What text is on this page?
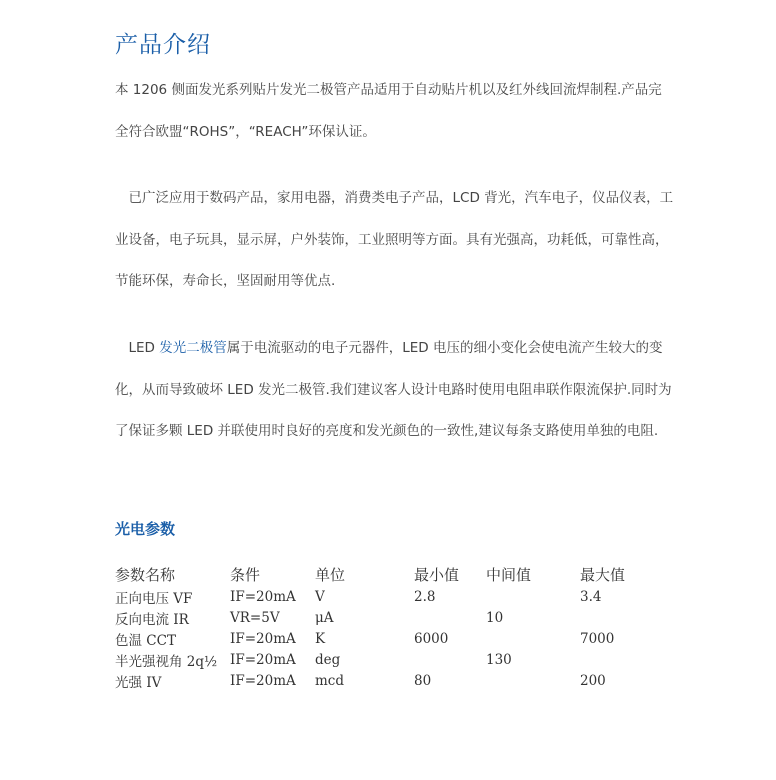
产品介绍

本 1206 侧面发光系列贴片发光二极管产品适用于自动贴片机以及红外线回流焊制程.产品完全符合欧盟“ROHS”，“REACH”环保认证。

　已广泛应用于数码产品，家用电器，消费类电子产品，LCD 背光，汽车电子，仪品仪表，工业设备，电子玩具，显示屏，户外装饰，工业照明等方面。具有光强高，功耗低，可靠性高，节能环保，寿命长，坚固耐用等优点.

　LED 发光二极管属于电流驱动的电子元器件，LED 电压的细小变化会使电流产生较大的变化，从而导致破坏 LED 发光二极管.我们建议客人设计电路时使用电阻串联作限流保护.同时为了保证多颗 LED 并联使用时良好的亮度和发光颜色的一致性,建议每条支路使用单独的电阻.

光电参数
参数名称	条件	单位	最小值	中间值	最大值
正向电压 VF	IF=20mA	V	2.8		3.4
反向电流 IR	VR=5V	μA		10	
色温 CCT	IF=20mA	K	6000		7000
半光强视角 2q½	IF=20mA	deg		130	
光强 IV	IF=20mA	mcd	80		200
